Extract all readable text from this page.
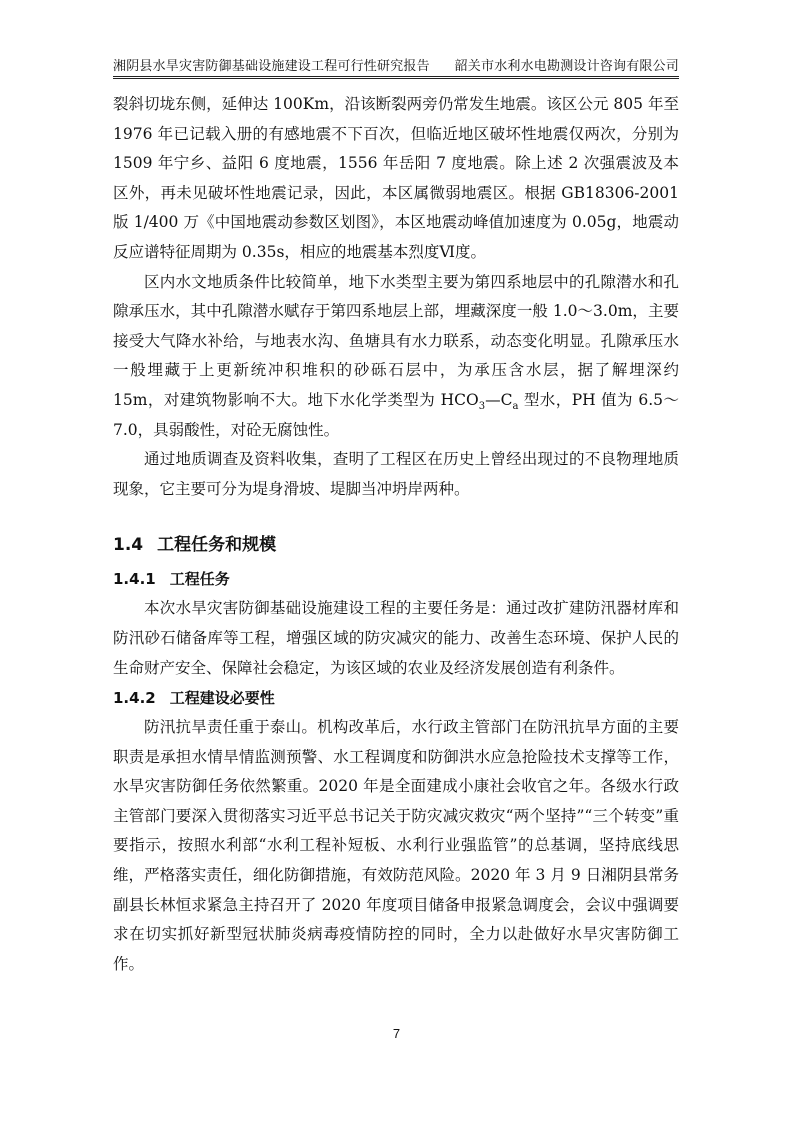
湘阴县水旱灾害防御基础设施建设工程可行性研究报告 韶关市水利水电勘测设计咨询有限公司

裂斜切垅东侧，延伸达 100Km，沿该断裂两旁仍常发生地震。该区公元 805 年至 1976 年已记载入册的有感地震不下百次，但临近地区破坏性地震仅两次，分别为 1509 年宁乡、益阳 6 度地震，1556 年岳阳 7 度地震。除上述 2 次强震波及本区外，再未见破坏性地震记录，因此，本区属微弱地震区。根据 GB18306-2001 版 1/400 万《中国地震动参数区划图》，本区地震动峰值加速度为 0.05g，地震动反应谱特征周期为 0.35s，相应的地震基本烈度Ⅵ度。

区内水文地质条件比较简单，地下水类型主要为第四系地层中的孔隙潜水和孔隙承压水，其中孔隙潜水赋存于第四系地层上部，埋藏深度一般 1.0～3.0m，主要接受大气降水补给，与地表水沟、鱼塘具有水力联系，动态变化明显。孔隙承压水一般埋藏于上更新统冲积堆积的砂砾石层中，为承压含水层，据了解埋深约 15m，对建筑物影响不大。地下水化学类型为 $HCO_3—C_a$ 型水，PH 值为 6.5～7.0，具弱酸性，对砼无腐蚀性。

通过地质调查及资料收集，查明了工程区在历史上曾经出现过的不良物理地质现象，它主要可分为堤身滑坡、堤脚当冲坍岸两种。

1.4 工程任务和规模
1.4.1 工程任务

本次水旱灾害防御基础设施建设工程的主要任务是：通过改扩建防汛器材库和防汛砂石储备库等工程，增强区域的防灾减灾的能力、改善生态环境、保护人民的生命财产安全、保障社会稳定，为该区域的农业及经济发展创造有利条件。

1.4.2 工程建设必要性

防汛抗旱责任重于泰山。机构改革后，水行政主管部门在防汛抗旱方面的主要职责是承担水情旱情监测预警、水工程调度和防御洪水应急抢险技术支撑等工作，水旱灾害防御任务依然繁重。2020 年是全面建成小康社会收官之年。各级水行政主管部门要深入贯彻落实习近平总书记关于防灾减灾救灾“两个坚持”“三个转变”重要指示，按照水利部“水利工程补短板、水利行业强监管”的总基调，坚持底线思维，严格落实责任，细化防御措施，有效防范风险。2020 年 3 月 9 日湘阴县常务副县长林恒求紧急主持召开了 2020 年度项目储备申报紧急调度会，会议中强调要求在切实抓好新型冠状肺炎病毒疫情防控的同时，全力以赴做好水旱灾害防御工作。

7
